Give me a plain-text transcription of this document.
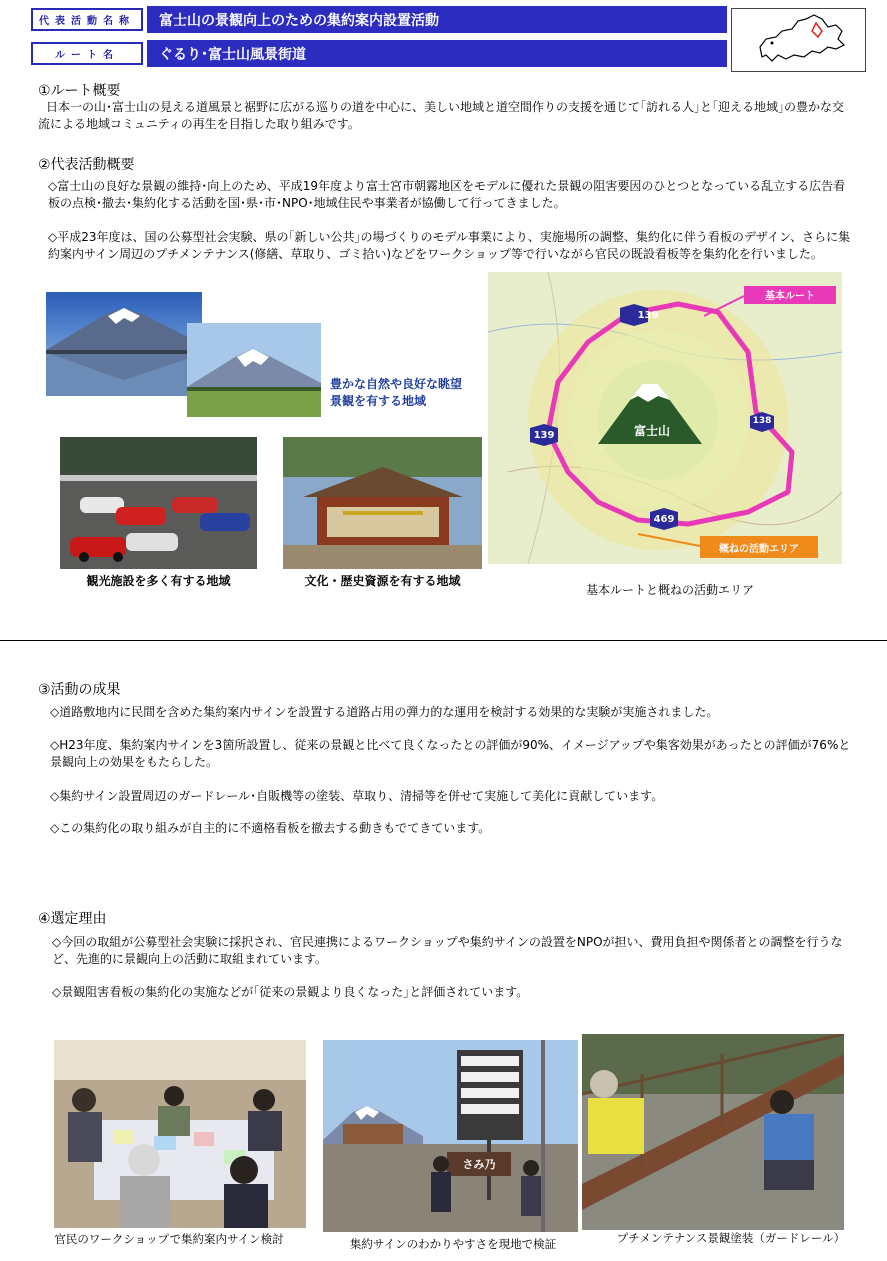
代表活動名称
ルート名
富士山の景観向上のための集約案内設置活動
ぐるり･富士山風景街道
①ルート概要
日本一の山･富士山の見える道風景と裾野に広がる巡りの道を中心に、美しい地域と道空間作りの支援を通じて｢訪れる人｣と｢迎える地域｣の豊かな交流による地域コミュニティの再生を目指した取り組みです。
②代表活動概要
◇富士山の良好な景観の維持･向上のため、平成19年度より富士宮市朝霧地区をモデルに優れた景観の阻害要因のひとつとなっている乱立する広告看板の点検･撤去･集約化する活動を国･県･市･NPO･地域住民や事業者が協働して行ってきました。
◇平成23年度は、国の公募型社会実験、県の｢新しい公共｣の場づくりのモデル事業により、実施場所の調整、集約化に伴う看板のデザイン、さらに集約案内サイン周辺のプチメンテナンス(修繕、草取り、ゴミ拾い)などをワークショップ等で行いながら官民の既設看板等を集約化を行いました。
豊かな自然や良好な眺望
景観を有する地域
観光施設を多く有する地域	文化・歴史資源を有する地域
139
139
138
469
富士山
基本ルート
概ねの活動エリア
基本ルートと概ねの活動エリア
③活動の成果
◇道路敷地内に民間を含めた集約案内サインを設置する道路占用の弾力的な運用を検討する効果的な実験が実施されました。
◇H23年度、集約案内サインを3箇所設置し、従来の景観と比べて良くなったとの評価が90%、イメージアップや集客効果があったとの評価が76%と景観向上の効果をもたらした。
◇集約サイン設置周辺のガードレール･自販機等の塗装、草取り、清掃等を併せて実施して美化に貢献しています。
◇この集約化の取り組みが自主的に不適格看板を撤去する動きもでてきています。
④選定理由
◇今回の取組が公募型社会実験に採択され、官民連携によるワークショップや集約サインの設置をNPOが担い、費用負担や関係者との調整を行うなど、先進的に景観向上の活動に取組まれています。
◇景観阻害看板の集約化の実施などが｢従来の景観より良くなった｣と評価されています。
官民のワークショップで集約案内サイン検討
さみ乃
集約サインのわかりやすさを現地で検証	プチメンテナンス景観塗装（ガードレール）
